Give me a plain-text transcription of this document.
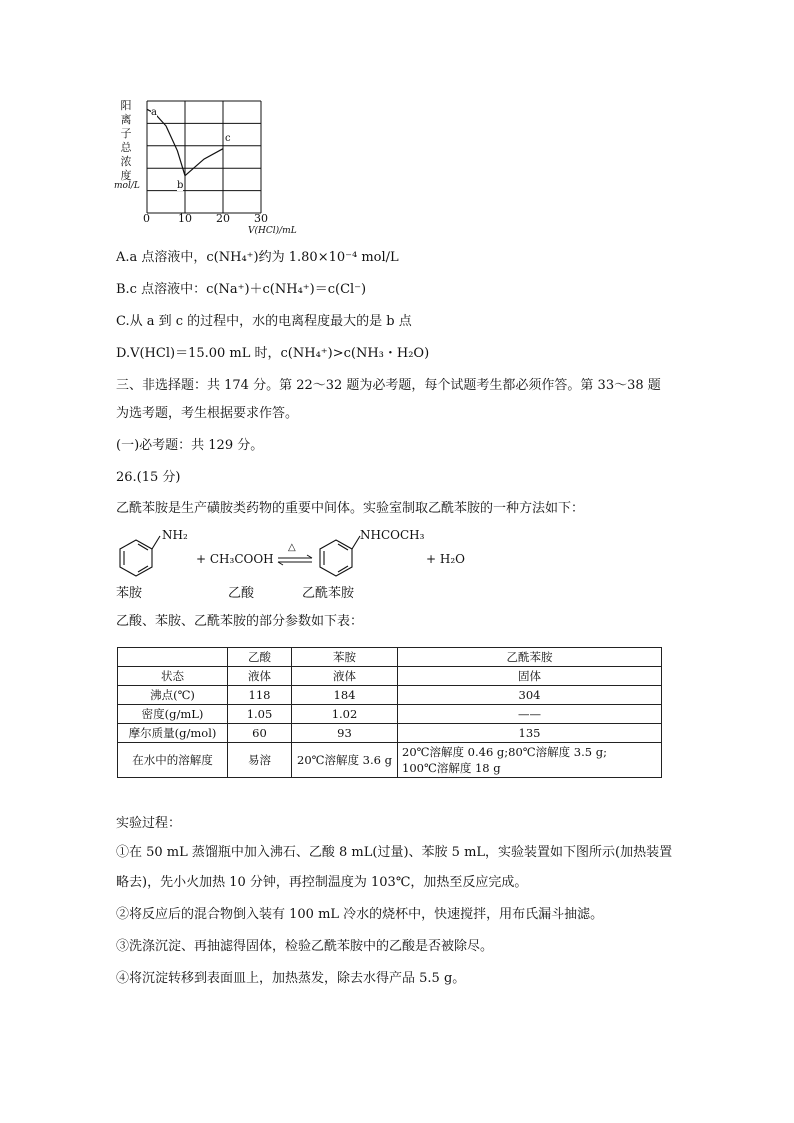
阳
离
子
总
浓
度
mol/L
a
b
c
0	10 20 30
V(HCl)/mL
A.a 点溶液中，c(NH₄⁺)约为 1.80×10⁻⁴ mol/L
B.c 点溶液中：c(Na⁺)＋c(NH₄⁺)＝c(Cl⁻)
C.从 a 到 c 的过程中，水的电离程度最大的是 b 点
D.V(HCl)＝15.00 mL 时，c(NH₄⁺)>c(NH₃・H₂O)
三、非选择题：共 174 分。第 22～32 题为必考题，每个试题考生都必须作答。第 33～38 题
为选考题，考生根据要求作答。
(一)必考题：共 129 分。
26.(15 分)
乙酰苯胺是生产磺胺类药物的重要中间体。实验室制取乙酰苯胺的一种方法如下：
NH₂
+ CH₃COOH
△
NHCOCH₃
+ H₂O
苯胺	乙酸	乙酰苯胺
乙酸、苯胺、乙酰苯胺的部分参数如下表：
	乙酸	苯胺	乙酰苯胺
状态	液体	液体	固体
沸点(℃)	118	184	304
密度(g/mL)	1.05	1.02	——
摩尔质量(g/mol)	60	93	135
在水中的溶解度	易溶	20℃溶解度 3.6 g	20℃溶解度 0.46 g;80℃溶解度 3.5 g;
100℃溶解度 18 g
实验过程：
①在 50 mL 蒸馏瓶中加入沸石、乙酸 8 mL(过量)、苯胺 5 mL，实验装置如下图所示(加热装置
略去)，先小火加热 10 分钟，再控制温度为 103℃，加热至反应完成。
②将反应后的混合物倒入装有 100 mL 冷水的烧杯中，快速搅拌，用布氏漏斗抽滤。
③洗涤沉淀、再抽滤得固体，检验乙酰苯胺中的乙酸是否被除尽。
④将沉淀转移到表面皿上，加热蒸发，除去水得产品 5.5 g。
